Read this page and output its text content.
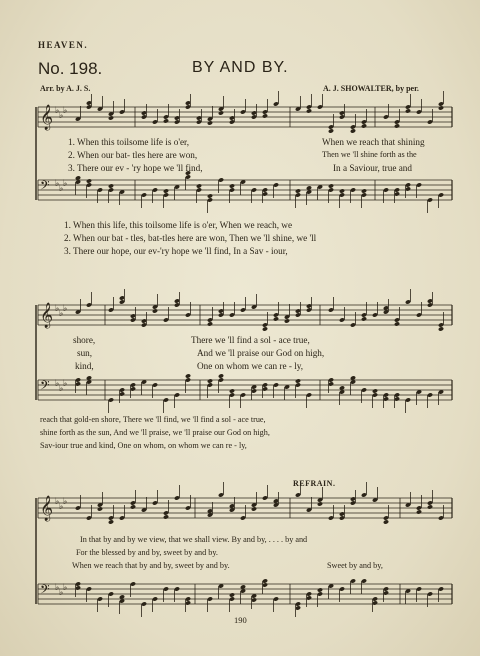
HEAVEN.
No. 198.	BY AND BY.
Arr. by A. J. S.	A. J. SHOWALTER, by per.
𝄞 ♭ ♭ ♭
𝄢 ♭ ♭ ♭
𝄞 ♭ ♭ ♭
𝄢 ♭ ♭ ♭
𝄞 ♭ ♭ ♭
𝄢 ♭ ♭ ♭
1. When this toilsome life is o'er,	When we reach that shining
2. When our bat- tles here are won,	Then we 'll shine forth as the
3. There our ev - 'ry hope we 'll find,	In a Saviour, true and
1. When this life, this toilsome life is o'er, When we reach, we
2. When our bat - tles, bat-tles here are won, Then we 'll shine, we 'll
3. There our hope, our ev-'ry hope we 'll find, In a Sav - iour,
shore,	There we 'll find a sol - ace true,
sun,	And we 'll praise our God on high,
kind,	One on whom we can re - ly,
reach that gold-en shore, There we 'll find, we 'll find a sol - ace true,
shine forth as the sun, And we 'll praise, we 'll praise our God on high,
Sav-iour true and kind, One on whom, on whom we can re - ly,
REFRAIN.
In that by and by we view, that we shall view. By and by, . . . . by and
For the blessed by and by, sweet by and by.
When we reach that by and by, sweet by and by.	Sweet by and by,
190
